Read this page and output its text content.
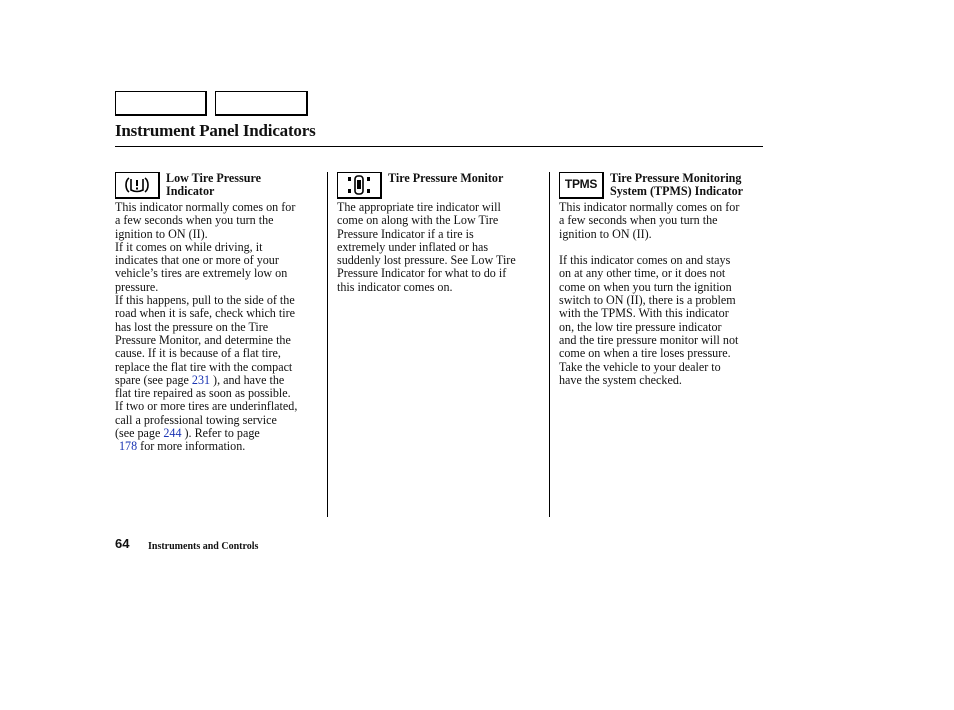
Instrument Panel Indicators
Low Tire Pressure
Indicator

This indicator normally comes on for
a few seconds when you turn the
ignition to ON (II).

If it comes on while driving, it
indicates that one or more of your
vehicle’s tires are extremely low on
pressure.

If this happens, pull to the side of the
road when it is safe, check which tire
has lost the pressure on the Tire
Pressure Monitor, and determine the
cause. If it is because of a flat tire,
replace the flat tire with the compact

spare (see page 231 ), and have the
flat tire repaired as soon as possible.
If two or more tires are underinflated,
call a professional towing service

(see page 244 ). Refer to page

178 for more information.

Tire Pressure Monitor

The appropriate tire indicator will
come on along with the Low Tire
Pressure Indicator if a tire is
extremely under inflated or has
suddenly lost pressure. See Low Tire
Pressure Indicator for what to do if
this indicator comes on.

TPMS Tire Pressure Monitoring
System (TPMS) Indicator

This indicator normally comes on for
a few seconds when you turn the
ignition to ON (II).

If this indicator comes on and stays
on at any other time, or it does not
come on when you turn the ignition
switch to ON (II), there is a problem
with the TPMS. With this indicator
on, the low tire pressure indicator
and the tire pressure monitor will not
come on when a tire loses pressure.
Take the vehicle to your dealer to
have the system checked.

64 Instruments and Controls
